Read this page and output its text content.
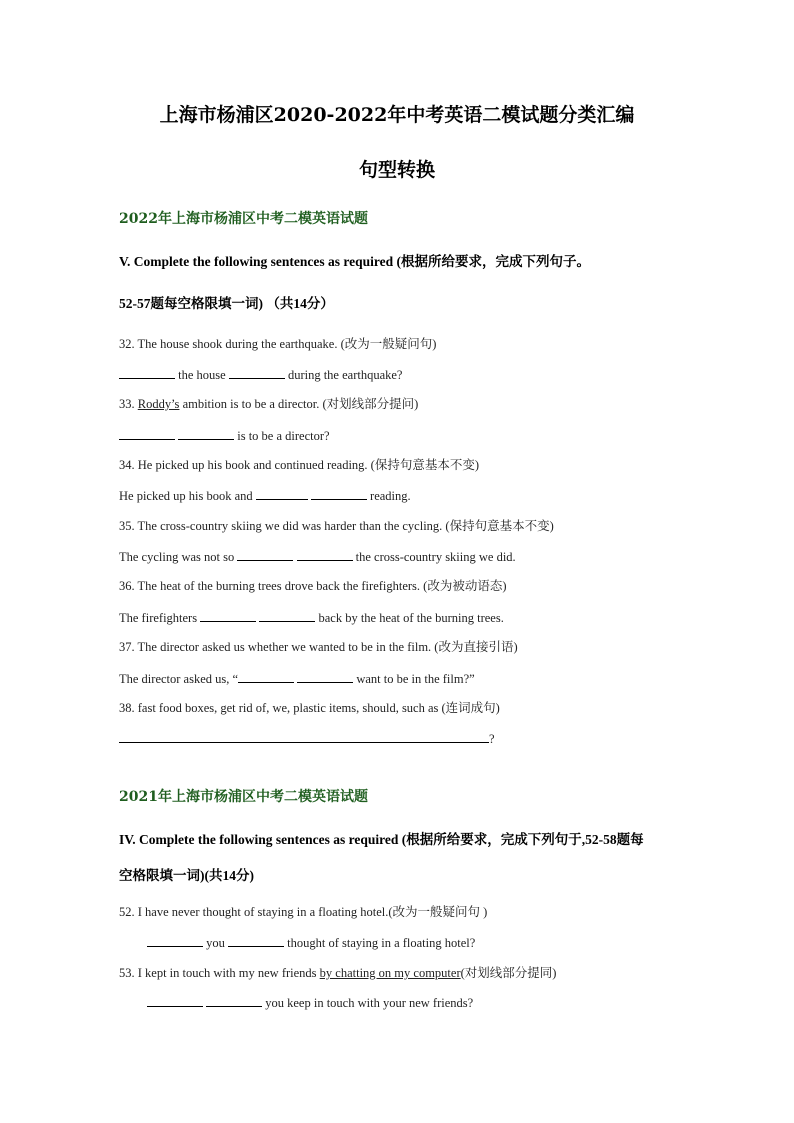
上海市杨浦区2020-2022年中考英语二模试题分类汇编
句型转换
2022年上海市杨浦区中考二模英语试题
V. Complete the following sentences as required (根据所给要求，完成下列句子。
52-57题每空格限填一词) （共14分）
32. The house shook during the earthquake. (改为一般疑问句)
the house	during the earthquake?
33. Roddy’s ambition is to be a director. (对划线部分提问)
is to be a director?
34. He picked up his book and continued reading. (保持句意基本不变)
He picked up his book and	reading.
35. The cross-country skiing we did was harder than the cycling. (保持句意基本不变)
The cycling was not so	the cross-country skiing we did.
36. The heat of the burning trees drove back the firefighters. (改为被动语态)
The firefighters	back by the heat of the burning trees.
37. The director asked us whether we wanted to be in the film. (改为直接引语)
The director asked us, “	want to be in the film?”
38. fast food boxes, get rid of, we, plastic items, should, such as (连词成句)
?
2021年上海市杨浦区中考二模英语试题
IV. Complete the following sentences as required (根据所给要求，完成下列句于,52-58题每
空格限填一词)(共14分)
52. I have never thought of staying in a floating hotel.(改为一般疑问句 )
you	thought of staying in a floating hotel?
53. I kept in touch with my new friends by chatting on my computer(对划线部分提同)
you keep in touch with your new friends?
